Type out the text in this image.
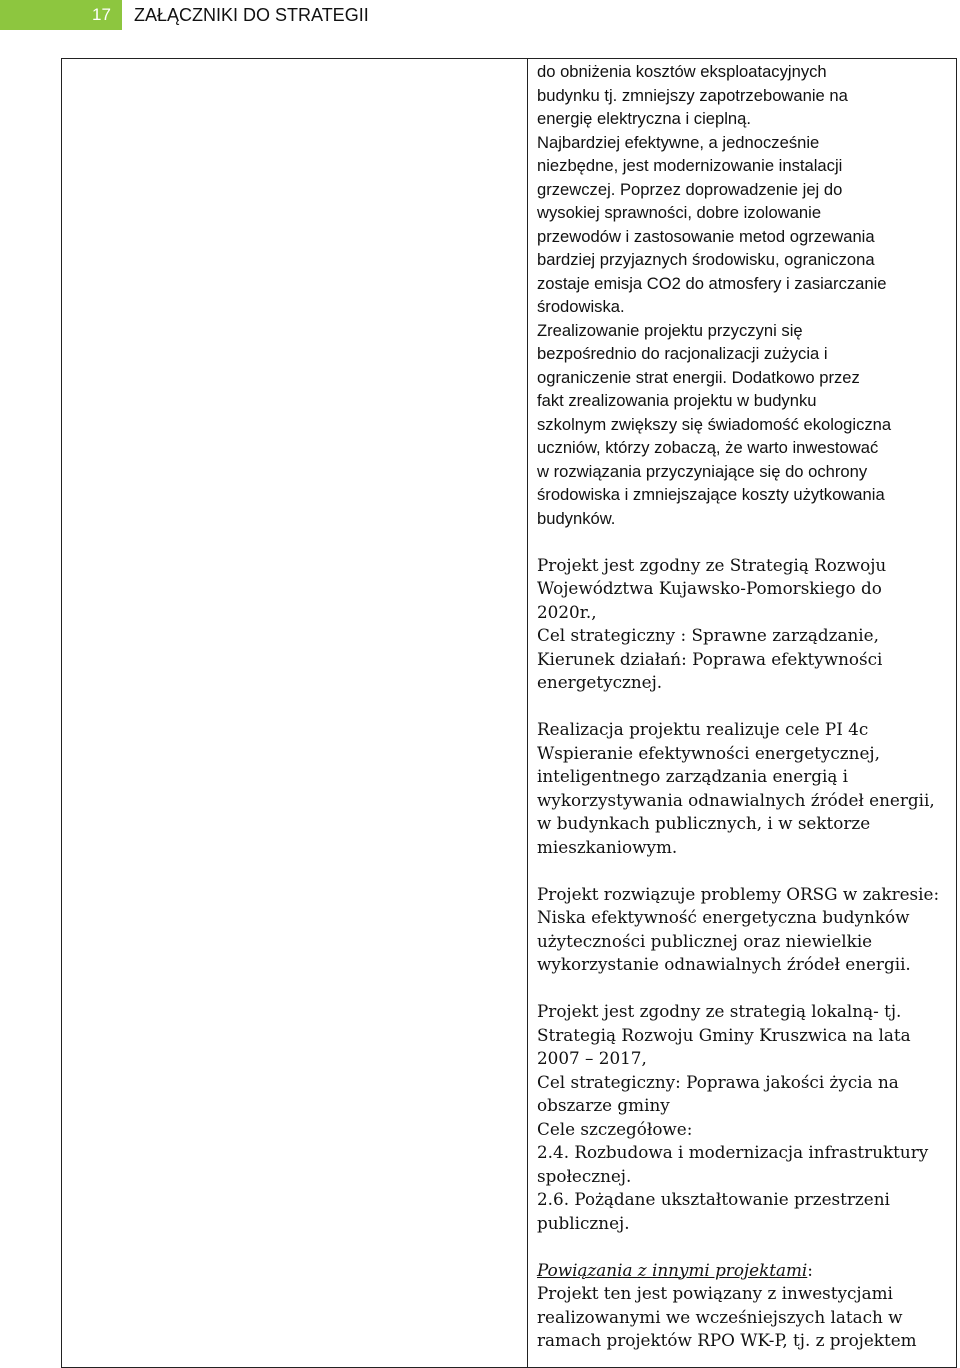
17	ZAŁĄCZNIKI DO STRATEGII
do obniżenia kosztów eksploatacyjnych
budynku tj. zmniejszy zapotrzebowanie na
energię elektryczna i cieplną.
Najbardziej efektywne, a jednocześnie
niezbędne, jest modernizowanie instalacji
grzewczej. Poprzez doprowadzenie jej do
wysokiej sprawności, dobre izolowanie
przewodów i zastosowanie metod ogrzewania
bardziej przyjaznych środowisku, ograniczona
zostaje emisja CO2 do atmosfery i zasiarczanie
środowiska.
Zrealizowanie projektu przyczyni się
bezpośrednio do racjonalizacji zużycia i
ograniczenie strat energii. Dodatkowo przez
fakt zrealizowania projektu w budynku
szkolnym zwiększy się świadomość ekologiczna
uczniów, którzy zobaczą, że warto inwestować
w rozwiązania przyczyniające się do ochrony
środowiska i zmniejszające koszty użytkowania
budynków.
Projekt jest zgodny ze Strategią Rozwoju
Województwa Kujawsko-Pomorskiego do
2020r.,
Cel strategiczny : Sprawne zarządzanie,
Kierunek działań: Poprawa efektywności
energetycznej.
Realizacja projektu realizuje cele PI 4c
Wspieranie efektywności energetycznej,
inteligentnego zarządzania energią i
wykorzystywania odnawialnych źródeł energii,
w budynkach publicznych, i w sektorze
mieszkaniowym.
Projekt rozwiązuje problemy ORSG w zakresie:
Niska efektywność energetyczna budynków
użyteczności publicznej oraz niewielkie
wykorzystanie odnawialnych źródeł energii.
Projekt jest zgodny ze strategią lokalną- tj.
Strategią Rozwoju Gminy Kruszwica na lata
2007 – 2017,
Cel strategiczny: Poprawa jakości życia na
obszarze gminy
Cele szczegółowe:
2.4. Rozbudowa i modernizacja infrastruktury
społecznej.
2.6. Pożądane ukształtowanie przestrzeni
publicznej.
Powiązania z innymi projektami:
Projekt ten jest powiązany z inwestycjami
realizowanymi we wcześniejszych latach w
ramach projektów RPO WK-P, tj. z projektem
